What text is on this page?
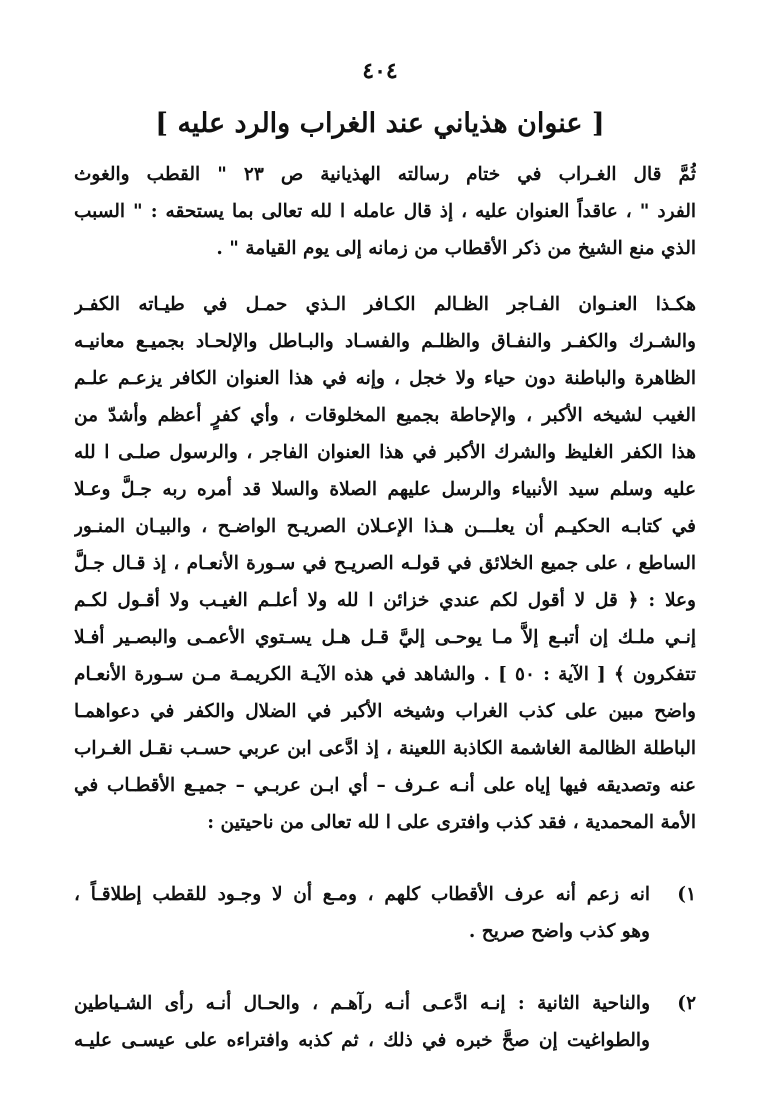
٤٠٤
[ عنوان هذياني عند الغراب والرد عليه ]
ثُمَّ قال الغـراب في ختام رسالته الهذيانية ص ٢٣ " القطب والغوث
الفرد " ، عاقداً العنوان عليه ، إذ قال عامله ا لله تعالى بما يستحقه : " السبب
الذي منع الشيخ من ذكر الأقطاب من زمانه إلى يوم القيامة " .
هكـذا العنـوان الفـاجر الظـالم الكـافر الـذي حمـل في طيـاته الكفـر
والشـرك والكفـر والنفـاق والظلـم والفسـاد والبـاطل والإلحـاد بجميـع معانيـه
الظاهرة والباطنة دون حياء ولا خجل ، وإنه في هذا العنوان الكافر يزعـم علـم
الغيب لشيخه الأكبر ، والإحاطة بجميع المخلوقات ، وأي كفرٍ أعظم وأشدّ من
هذا الكفر الغليظ والشرك الأكبر في هذا العنوان الفاجر ، والرسول صلـى ا لله
عليه وسلم سيد الأنبياء والرسل عليهم الصلاة والسلا قد أمره ربه جـلَّ وعـلا
في كتابـه الحكيـم أن يعلـــن هـذا الإعـلان الصريـح الواضـح ، والبيـان المنـور
الساطع ، على جميع الخلائق في قولـه الصريـح في سـورة الأنعـام ، إذ قـال جـلَّ
وعلا : ﴿ قل لا أقول لكم عندي خزائن ا لله ولا أعلـم الغيـب ولا أقـول لكـم
إنـي ملـك إن أتبـع إلاَّ مـا يوحـى إليَّ قـل هـل يسـتوي الأعمـى والبصـير أفـلا
تتفكرون ﴾ [ الآية : ٥٠ ] . والشاهد في هذه الآيـة الكريمـة مـن سـورة الأنعـام
واضح مبين على كذب الغراب وشيخه الأكبر في الضلال والكفر في دعواهمـا
الباطلة الظالمة الغاشمة الكاذبة اللعينة ، إذ ادَّعى ابن عربي حسـب نقـل الغـراب
عنه وتصديقه فيها إياه على أنـه عـرف – أي ابـن عربـي – جميـع الأقطـاب في
الأمة المحمدية ، فقد كذب وافترى على ا لله تعالى من ناحيتين :
١)
انه زعم أنه عرف الأقطاب كلهم ، ومـع أن لا وجـود للقطب إطلاقـاً ،
وهو كذب واضح صريح .
٢)
والناحية الثانية : إنـه ادَّعـى أنـه رآهـم ، والحـال أنـه رأى الشـياطين
والطواغيت إن صحَّ خبره في ذلك ، ثم كذبه وافتراءه على عيسـى عليـه
